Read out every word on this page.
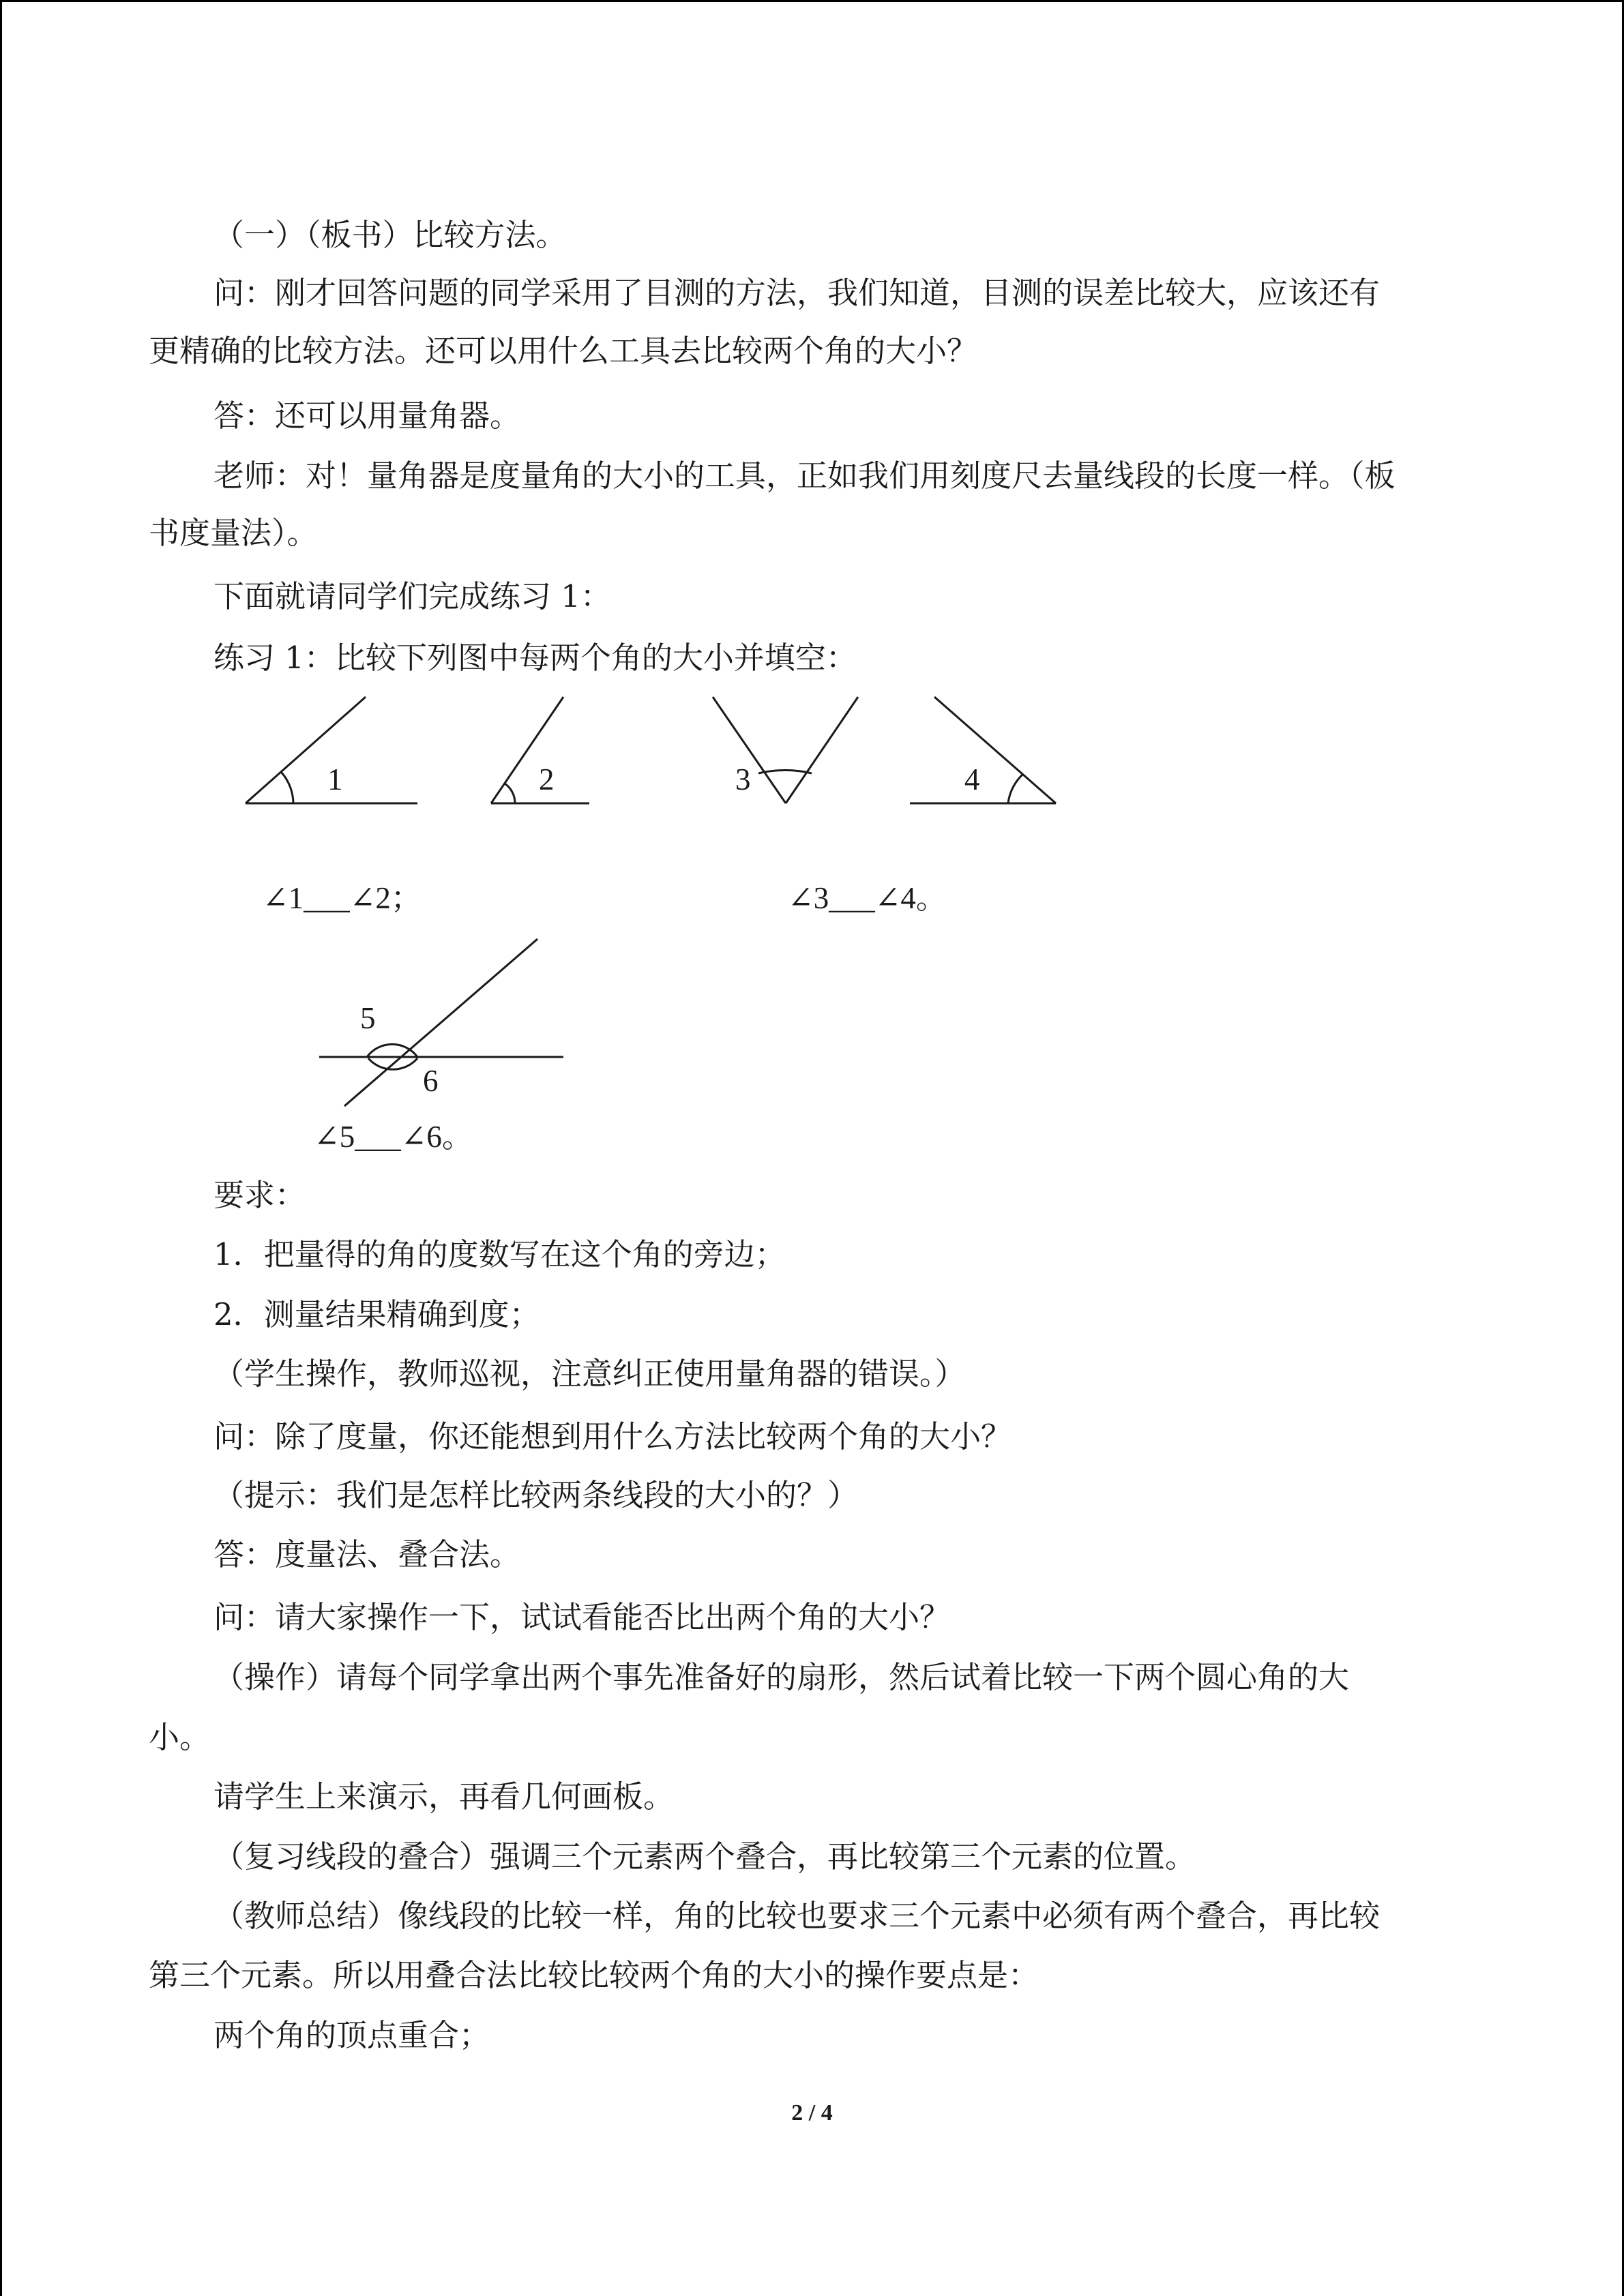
（一）（板书）比较方法。
问：刚才回答问题的同学采用了目测的方法，我们知道，目测的误差比较大，应该还有
更精确的比较方法。还可以用什么工具去比较两个角的大小？
答：还可以用量角器。
老师：对！量角器是度量角的大小的工具，正如我们用刻度尺去量线段的长度一样。（板
书度量法）。
下面就请同学们完成练习 1：
练习 1：比较下列图中每两个角的大小并填空：
1	2	3	4
5
6
∠1___∠2；	∠3___∠4。
∠5___∠6。
要求：
1．把量得的角的度数写在这个角的旁边；
2．测量结果精确到度；
（学生操作，教师巡视，注意纠正使用量角器的错误。）
问：除了度量，你还能想到用什么方法比较两个角的大小？
（提示：我们是怎样比较两条线段的大小的？）
答：度量法、叠合法。
问：请大家操作一下，试试看能否比出两个角的大小？
（操作）请每个同学拿出两个事先准备好的扇形，然后试着比较一下两个圆心角的大
小。
请学生上来演示，再看几何画板。
（复习线段的叠合）强调三个元素两个叠合，再比较第三个元素的位置。
（教师总结）像线段的比较一样，角的比较也要求三个元素中必须有两个叠合，再比较
第三个元素。所以用叠合法比较比较两个角的大小的操作要点是：
两个角的顶点重合；
2 / 4
